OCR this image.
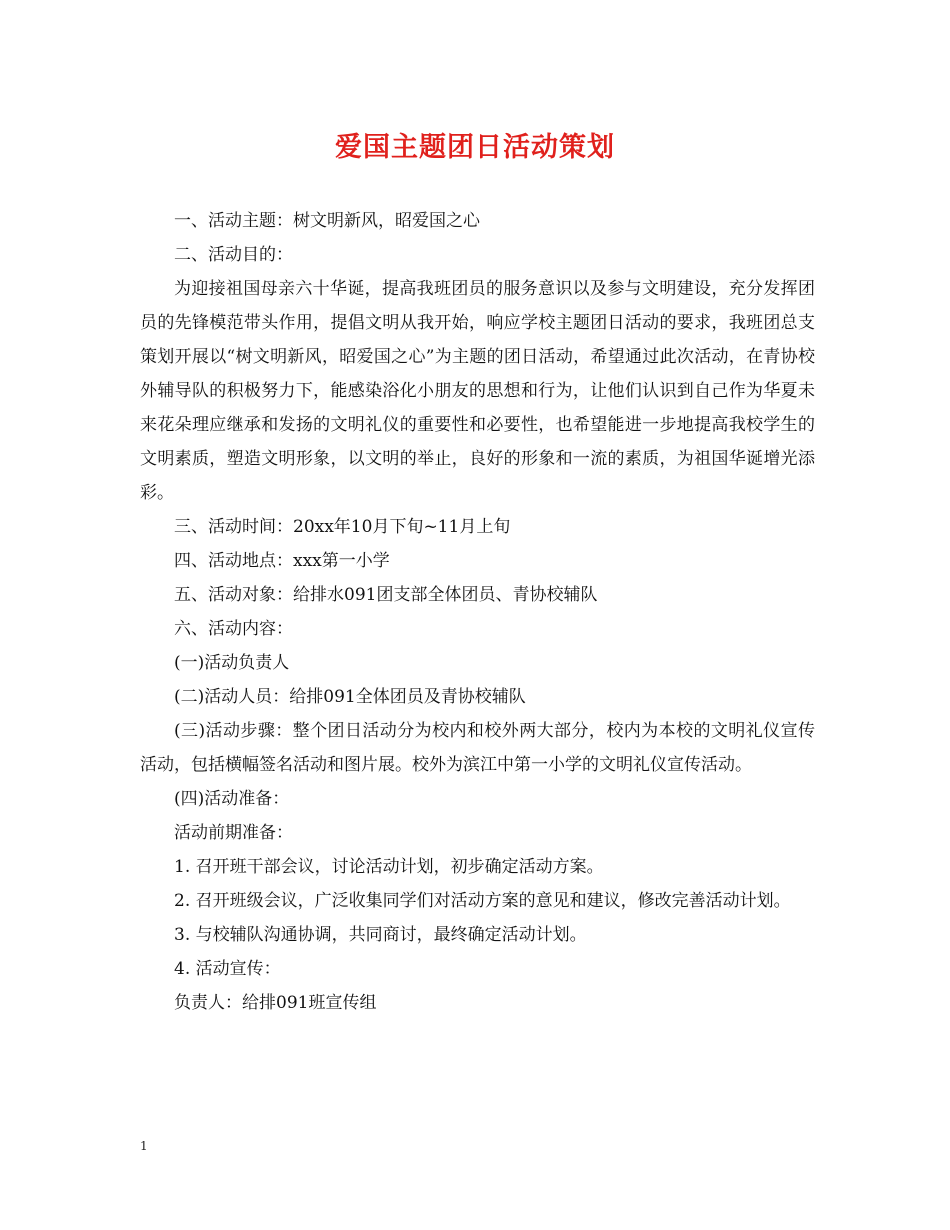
爱国主题团日活动策划

一、活动主题：树文明新风，昭爱国之心

二、活动目的：

为迎接祖国母亲六十华诞，提高我班团员的服务意识以及参与文明建设，充分发挥团员的先锋模范带头作用，提倡文明从我开始，响应学校主题团日活动的要求，我班团总支策划开展以“树文明新风，昭爱国之心”为主题的团日活动，希望通过此次活动，在青协校外辅导队的积极努力下，能感染浴化小朋友的思想和行为，让他们认识到自己作为华夏未来花朵理应继承和发扬的文明礼仪的重要性和必要性，也希望能进一步地提高我校学生的文明素质，塑造文明形象，以文明的举止，良好的形象和一流的素质，为祖国华诞增光添彩。

三、活动时间：20xx年10月下旬~11月上旬

四、活动地点：xxx第一小学

五、活动对象：给排水091团支部全体团员、青协校辅队

六、活动内容：

(一)活动负责人

(二)活动人员：给排091全体团员及青协校辅队

(三)活动步骤：整个团日活动分为校内和校外两大部分，校内为本校的文明礼仪宣传活动，包括横幅签名活动和图片展。校外为滨江中第一小学的文明礼仪宣传活动。

(四)活动准备：

活动前期准备：

1. 召开班干部会议，讨论活动计划，初步确定活动方案。

2. 召开班级会议，广泛收集同学们对活动方案的意见和建议，修改完善活动计划。

3. 与校辅队沟通协调，共同商讨，最终确定活动计划。

4. 活动宣传：

负责人：给排091班宣传组

1
